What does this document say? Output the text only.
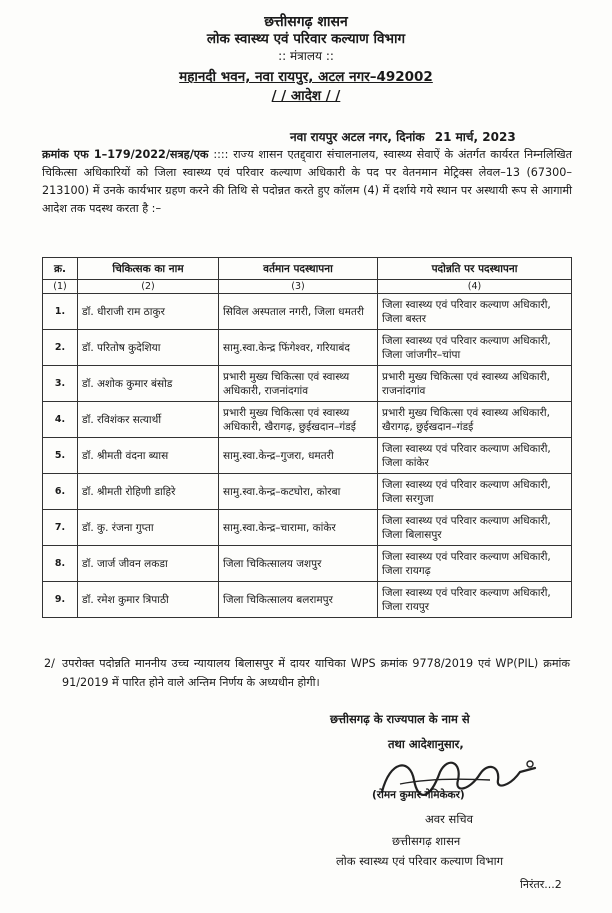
छत्तीसगढ़ शासन
लोक स्वास्थ्य एवं परिवार कल्याण विभाग
:: मंत्रालय ::
महानदी भवन, नवा रायपुर, अटल नगर–492002
/ / आदेश / /
नवा रायपुर अटल नगर, दिनांक 21 मार्च, 2023
क्रमांक एफ 1–179/2022/सत्रह/एक :::: राज्य शासन एतद्द्वारा संचालनालय, स्वास्थ्य सेवाऐं के अंतर्गत कार्यरत निम्नलिखित चिकित्सा अधिकारियों को जिला स्वास्थ्य एवं परिवार कल्याण अधिकारी के पद पर वेतनमान मेट्रिक्स लेवल–13 (67300–213100) में उनके कार्यभार ग्रहण करने की तिथि से पदोन्नत करते हुए कॉलम (4) में दर्शाये गये स्थान पर अस्थायी रूप से आगामी आदेश तक पदस्थ करता है :–
क्र.	चिकित्सक का नाम	वर्तमान पदस्थापना	पदोन्नति पर पदस्थापना
(1)	(2)	(3)	(4)
1.	डॉ. धीराजी राम ठाकुर	सिविल अस्पताल नगरी, जिला धमतरी	जिला स्वास्थ्य एवं परिवार कल्याण अधिकारी, जिला बस्तर
2.	डॉ. परितोष कुदेशिया	सामु.स्वा.केन्द्र फिंगेश्वर, गरियाबंद	जिला स्वास्थ्य एवं परिवार कल्याण अधिकारी, जिला जांजगीर–चांपा
3.	डॉ. अशोक कुमार बंसोड	प्रभारी मुख्य चिकित्सा एवं स्वास्थ्य अधिकारी, राजनांदगांव	प्रभारी मुख्य चिकित्सा एवं स्वास्थ्य अधिकारी, राजनांदगांव
4.	डॉ. रविशंकर सत्यार्थी	प्रभारी मुख्य चिकित्सा एवं स्वास्थ्य अधिकारी, खैरागढ़, छुईखदान–गंडई	प्रभारी मुख्य चिकित्सा एवं स्वास्थ्य अधिकारी, खैरागढ़, छुईखदान–गंडई
5.	डॉ. श्रीमती वंदना ब्यास	सामु.स्वा.केन्द्र–गुजरा, धमतरी	जिला स्वास्थ्य एवं परिवार कल्याण अधिकारी, जिला कांकेर
6.	डॉ. श्रीमती रोहिणी डाहिरे	सामु.स्वा.केन्द्र–कटघोरा, कोरबा	जिला स्वास्थ्य एवं परिवार कल्याण अधिकारी, जिला सरगुजा
7.	डॉ. कु. रंजना गुप्ता	सामु.स्वा.केन्द्र–चारामा, कांकेर	जिला स्वास्थ्य एवं परिवार कल्याण अधिकारी, जिला बिलासपुर
8.	डॉ. जार्ज जीवन लकडा	जिला चिकित्सालय जशपुर	जिला स्वास्थ्य एवं परिवार कल्याण अधिकारी, जिला रायगढ़
9.	डॉ. रमेश कुमार त्रिपाठी	जिला चिकित्सालय बलरामपुर	जिला स्वास्थ्य एवं परिवार कल्याण अधिकारी, जिला रायपुर
2/ उपरोक्त पदोन्नति माननीय उच्च न्यायालय बिलासपुर में दायर याचिका WPS क्रमांक 9778/2019 एवं WP(PIL) क्रमांक 91/2019 में पारित होने वाले अन्तिम निर्णय के अध्यधीन होगी।
छत्तीसगढ़ के राज्यपाल के नाम से
तथा आदेशानुसार,
(रोमन कुमार गेमिकेकर)
अवर सचिव
छत्तीसगढ़ शासन
लोक स्वास्थ्य एवं परिवार कल्याण विभाग
निरंतर...2
